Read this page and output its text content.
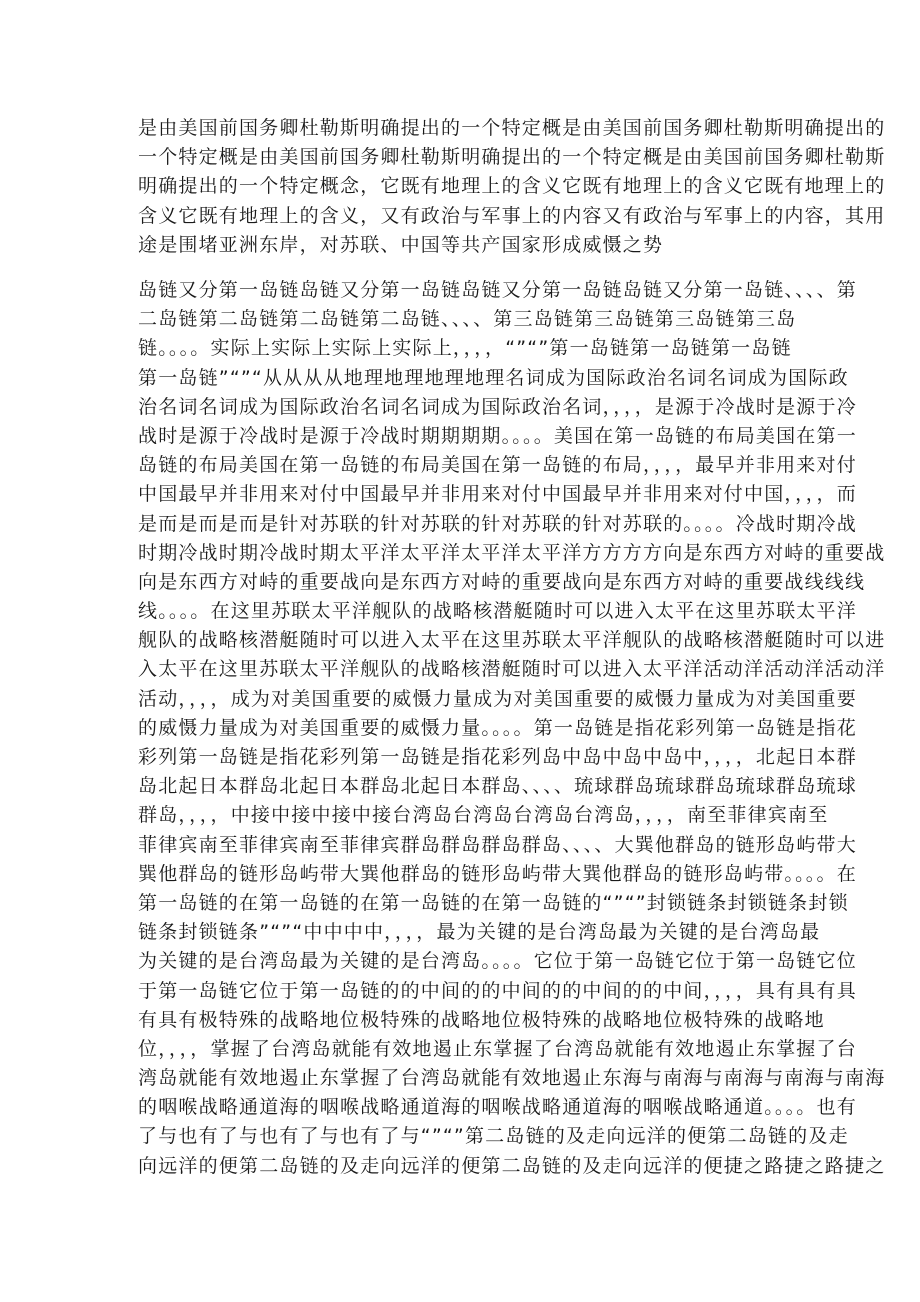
是由美国前国务卿杜勒斯明确提出的一个特定概是由美国前国务卿杜勒斯明确提出的
一个特定概是由美国前国务卿杜勒斯明确提出的一个特定概是由美国前国务卿杜勒斯
明确提出的一个特定概念，它既有地理上的含义它既有地理上的含义它既有地理上的
含义它既有地理上的含义，又有政治与军事上的内容又有政治与军事上的内容，其用
途是围堵亚洲东岸，对苏联、中国等共产国家形成威慑之势
岛链又分第一岛链岛链又分第一岛链岛链又分第一岛链岛链又分第一岛链、、、、第
二岛链第二岛链第二岛链第二岛链、、、、第三岛链第三岛链第三岛链第三岛
链。。。。实际上实际上实际上实际上，，，，“”“”第一岛链第一岛链第一岛链
第一岛链”“”“从从从从地理地理地理地理名词成为国际政治名词名词成为国际政
治名词名词成为国际政治名词名词成为国际政治名词，，，，是源于冷战时是源于冷
战时是源于冷战时是源于冷战时期期期期。。。。美国在第一岛链的布局美国在第一
岛链的布局美国在第一岛链的布局美国在第一岛链的布局，，，，最早并非用来对付
中国最早并非用来对付中国最早并非用来对付中国最早并非用来对付中国，，，，而
是而是而是而是针对苏联的针对苏联的针对苏联的针对苏联的。。。。冷战时期冷战
时期冷战时期冷战时期太平洋太平洋太平洋太平洋方方方方向是东西方对峙的重要战
向是东西方对峙的重要战向是东西方对峙的重要战向是东西方对峙的重要战线线线
线。。。。在这里苏联太平洋舰队的战略核潜艇随时可以进入太平在这里苏联太平洋
舰队的战略核潜艇随时可以进入太平在这里苏联太平洋舰队的战略核潜艇随时可以进
入太平在这里苏联太平洋舰队的战略核潜艇随时可以进入太平洋活动洋活动洋活动洋
活动，，，，成为对美国重要的威慑力量成为对美国重要的威慑力量成为对美国重要
的威慑力量成为对美国重要的威慑力量。。。。第一岛链是指花彩列第一岛链是指花
彩列第一岛链是指花彩列第一岛链是指花彩列岛中岛中岛中岛中，，，，北起日本群
岛北起日本群岛北起日本群岛北起日本群岛、、、、琉球群岛琉球群岛琉球群岛琉球
群岛，，，，中接中接中接中接台湾岛台湾岛台湾岛台湾岛，，，，南至菲律宾南至
菲律宾南至菲律宾南至菲律宾群岛群岛群岛群岛、、、、大巽他群岛的链形岛屿带大
巽他群岛的链形岛屿带大巽他群岛的链形岛屿带大巽他群岛的链形岛屿带。。。。在
第一岛链的在第一岛链的在第一岛链的在第一岛链的“”“”封锁链条封锁链条封锁
链条封锁链条”“”“中中中中，，，，最为关键的是台湾岛最为关键的是台湾岛最
为关键的是台湾岛最为关键的是台湾岛。。。。它位于第一岛链它位于第一岛链它位
于第一岛链它位于第一岛链的的中间的的中间的的中间的的中间，，，，具有具有具
有具有极特殊的战略地位极特殊的战略地位极特殊的战略地位极特殊的战略地
位，，，，掌握了台湾岛就能有效地遏止东掌握了台湾岛就能有效地遏止东掌握了台
湾岛就能有效地遏止东掌握了台湾岛就能有效地遏止东海与南海与南海与南海与南海
的咽喉战略通道海的咽喉战略通道海的咽喉战略通道海的咽喉战略通道。。。。也有
了与也有了与也有了与也有了与“”“”第二岛链的及走向远洋的便第二岛链的及走
向远洋的便第二岛链的及走向远洋的便第二岛链的及走向远洋的便捷之路捷之路捷之
